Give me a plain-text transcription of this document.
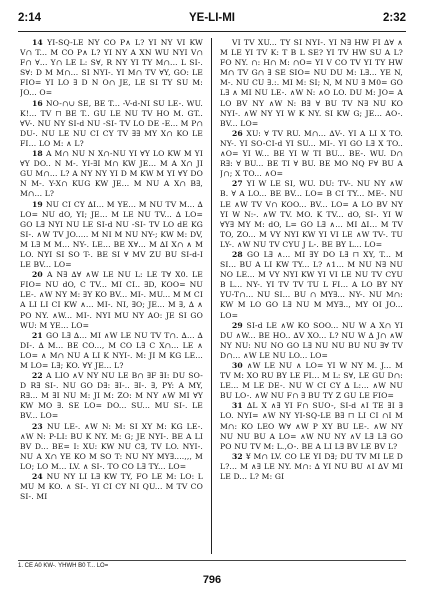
2:14	YE-LI-MI	2:32

14 YI-SQ-LE NY CO P∧ L? YI NY VI KW V∩ T... M CO P∧ L? YI NY A XN WU NYI V∩ F∩ ∀... Y∩ LE L: S∀, R NY YI TY M∩... L SI-. S∀: D M M∩... SI NYI-. YI M∩ TV ∀Y, GO: LE FIO= YI LO ∃ D N O∩ JE, LE SI TY SU M: JO... O=

16 NO-∩∪ SE, BE T... -V-d-NI SU LE-. WU. K!... TV ⊓ BE T.. GU LE NU TV HO M. GT.. ∀V-. NU NY SI-d NU -SI- TV LO DE -E... M P∩ DU-. NU LE NU CI CY TV ∃∃ MY X∩ KO LE FI... LO M: ∧ L?

18 A M∩ NU N X∩-NU YI ∀Y LO KW M YI ∀Y DO.. N M-. YI-∃I M∩ KW JE... M A X∩ JI GU M∩... L? A NY NY YI D M KW M YI ∀Y DO N M-. Y-X∩ KUG KW JE... M NU A X∩ B∃, M∩... L?

19 NU CI CY ∆I... M YE... M NU TV M... ∆ LO= NU dO, YI; JE... M LE NU TV... ∆ LO= GO L∃ NYI NU LE SI-d NU -SI- TV LO dE KG SI-. ∧W TV JO..... M NI M NU NY-; KW M: DV, M L∃ M M... NY-. LE... BE X∀... M ∆I X∩ ∧ M LO. NYI SI SO T-. BE SI ∀ MV ZU BU SI-d-Ι LE BV... LO=

20 A N∃ ∆∀ ∧W LE NU L: LE T∀ X0. LE FIO= NU dO, C TV... MI CI.. ∃D, KOO= NU LE-. ∧W NY M: ∃Y KO BV... MI-. MU... M M CI A LI LI CI KW ∧... MI-. NI, ∃O; JE... M ∃, ∆ ∧ PO NY. ∧W... MI-. NYI MU NY AO: JE SI GO WU: M YE... LO=

21 GO L∃ ∆... MI ∧W LE NU TV T∩. ∆... ∆ DI-. ∆ M... BE CO..., M CO L∃ C X∩... LE ∧ LO= ∧ M∩ NU A LI K NYI-. M: JI M KG LE... M LO= L∃; KO. ∀Y JE... L?

22 A LIO ∧V NY NU LE B∩ ∃F ∃I: DU SO-D R∃ SI-. NU GO D∃: ∃I-.. ∃I-. ∃, PY: A MY, R∃... M ∃I NU M: JI M: ZO: M NY ∧W MI ∀Y KW MO ∃. SE LO= DO... SU... MU SI-. LE BV... LO=

23 NU LE-. ∧W N: M: SI XY M: KG LE-. ∧W N: P-LI: BU K NY. M: G; JE NYI-. BE A LI BV D... BE= I: XU: KW NU C∃, TV LO. NYI-. NU A X∩ YE KO M SO T: NU NY MY∃....,,, M LO; LO M... LV. ∧ SI-. TO CO L∃ TY... LO=

24 NU NY LI L∃ KW TY, FO LE M: LO: L MU M KO. ∧ SI-. YI CI CY NI QU... M TV CO SI-. MI

VI TV XU... TY SI NYI-. YI N∃ HW FI ∆∀ ∧ M LE YI TV K: T B L SE? YI TV HW SU A L? FO NY. ∩: H∩ M: ∩O= YI V CO TV YI TY HW M∩ TV G∩ ∃ SE SIO= NU DU M: L∃... YE N, M-. NU CU ∃.:. MI M: SI; N, M NU ∃ M0= GO L∃ ∧ MI NU LE-. ∧W N: ∧O LO. DU M: JO= A LO BV NY ∧W N: B∃ ∀ BU TV N∃ NU KO NYI-. ∧W NY YI W K NY. SI KW G; JE... AO-. BV... LO=

26 XU: ∀ TV RU. M∩... ∆V-. YI A LI X TO. NY-. YI SO-CI-d YI SU... MI-. YI GO L∃ X TO.. ∧O= YI W... BE YI W TI BU... BE-. WU. D∩ R∃: ∀ BU... BE TI ∀ BU. BE MO NQ F∀ BU A J∩; X TO... ∧O=

27 YI W LE SI, WU. DU: TV-. NU NY ∧W B. ∀ A LO... BE BV... LO= B CI TY... ME-. NU LE ∧W TV V∩ KOO... BV... LO= A LO BV NY YI W N:-. ∧W TV. MO. K TV... dO, SI-. YI W ∀Y∃ MY M: dO, L= GO L∃ ∧... MI ∆I... M TV TO, ZO... M VY NYI KW YI VI LE ∧W TV-. TU LY-. ∧W NU TV CYU J L-. BE BY L... LO=

28 GO L∃ ∧... MI ∃Y DO L∃ ⊓ XY, T... M SI... BU A LI KW TY... L? ∧1... M NU N∃ NU NO LE... M VY NYI KW YI VI LE NU TV CYU B L... NY-. YI TV TV TU L FI... A LO BY NY YU-T∩... NU SI... BU ∩ MY∃... NY-. NU M∩: KW M LO GO L∃ NU M MY∃.., MY OI JO... LO=

29 SI-d LE ∧W KO SOO... NU W A X∩ YI DU ∧W... BE HO.. ∆V XO... L? NU W ∆ J∩ ∧W NY NU: NU NO GO L∃ NU NU BU NU ∃∀ TV D∩... ∧W LE NU LO... LO=

30 ∧W LE NU ∧ LO= YI W NY M. J... M TV M: XO RU BY LE FI... M L: S∀, LE GU D∩: LE... M LE DE-. NU W CI CY ∆ L:... ∧W NU BU LO-. ∧W NU F∩ ∃ BU TY Z GU LE FIO=

31 ∆L X ∧∃ YI F∩ SUO-, SI-d ∧I TE ∃I ∃ LO. NYI= ∧W NY YI-SQ-LE B∃ ⊓ LI CI ∩I M M∩: KO LEO W∀ ∧W P XY BU LE-. ∧W NY NU NU BU A LO= ∧W NU NY ∧V L∃ L∃ GO PO NU TV M: L.,O-. BE A LI L∃ BV LE BV L?

32 ¥ M∩ LV. CO LE YI D∃; DU TV MI LE D L?... M ∧∃ LE NY. M∩: ∆ YI NU BU ∧I ∆V MI LE D... L? M: GI

1. CE A0 KW-. YHWH B0 T... LO=
796
